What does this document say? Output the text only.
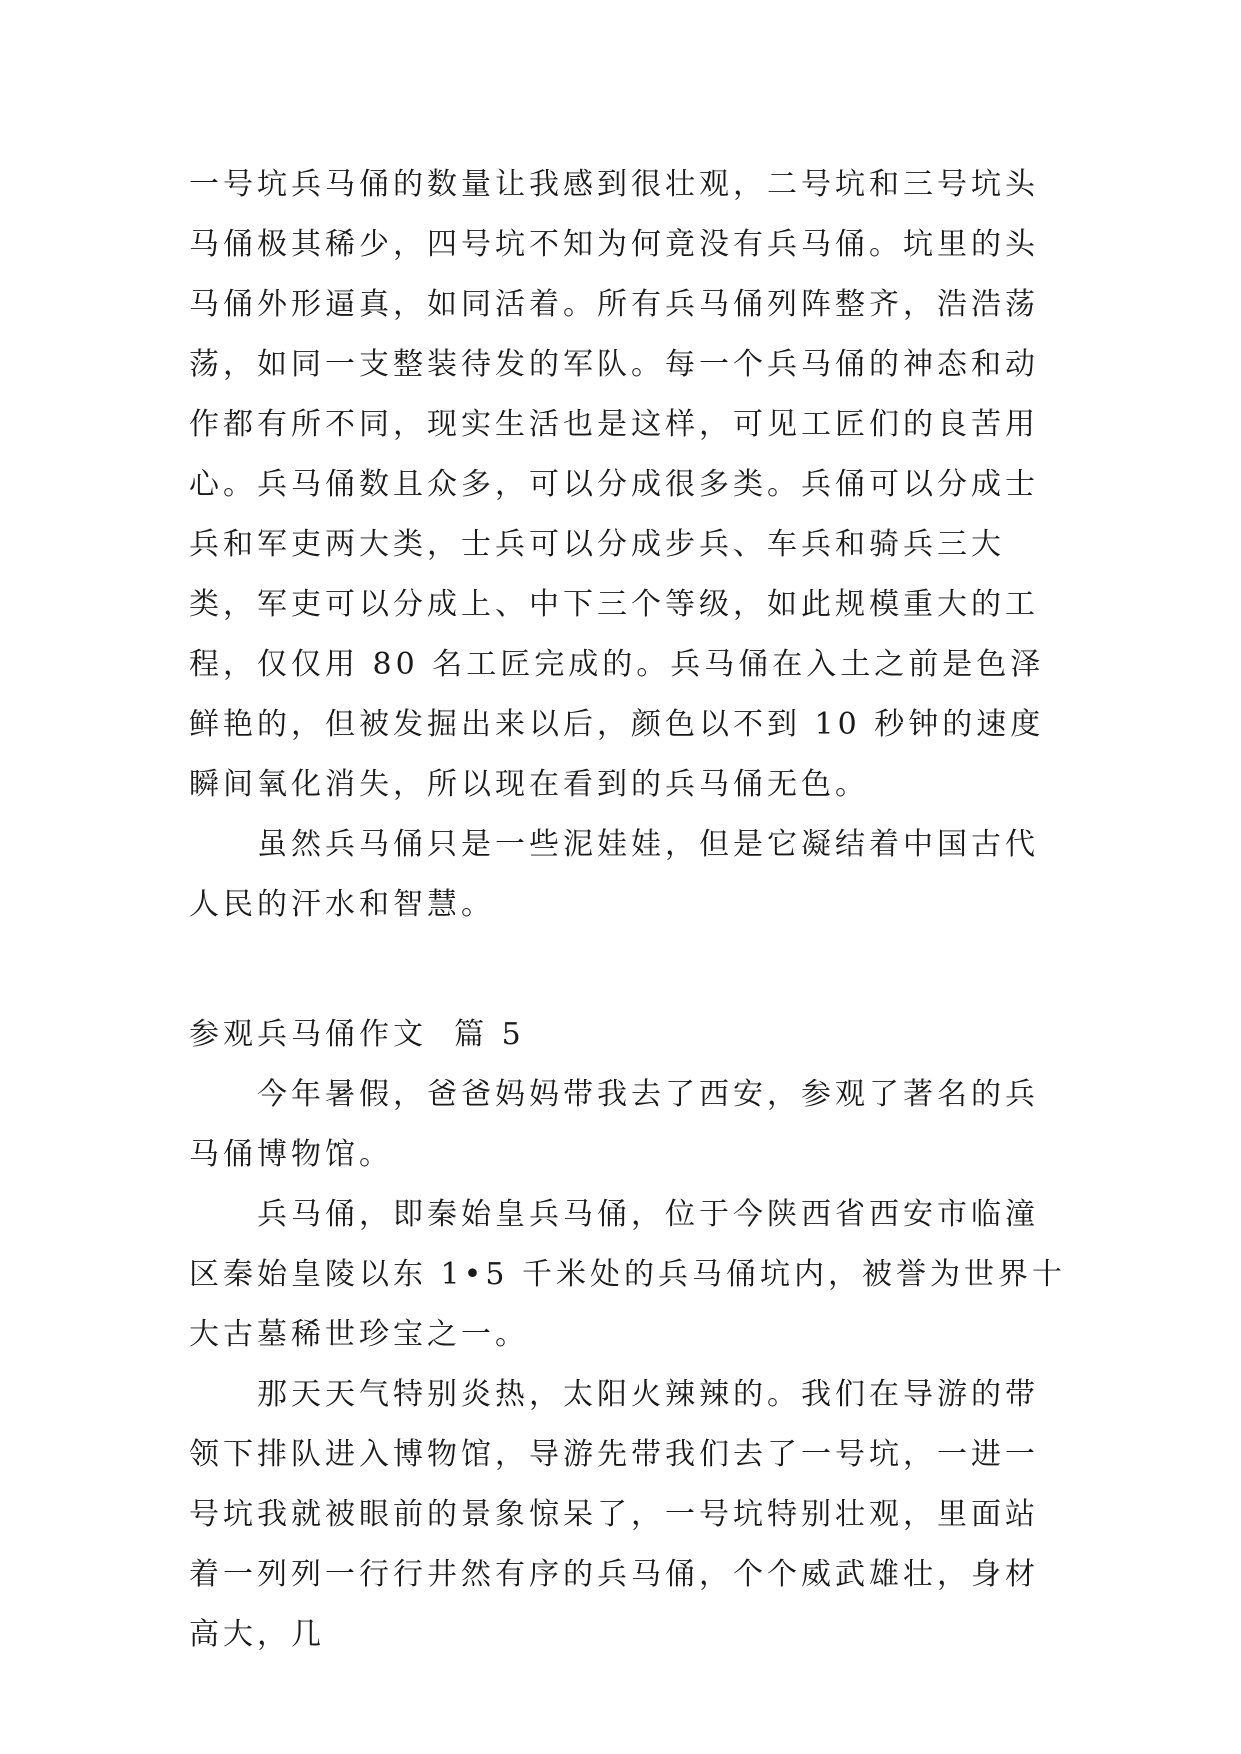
一号坑兵马俑的数量让我感到很壮观，二号坑和三号坑头马俑极其稀少，四号坑不知为何竟没有兵马俑。坑里的头马俑外形逼真，如同活着。所有兵马俑列阵整齐，浩浩荡荡，如同一支整装待发的军队。每一个兵马俑的神态和动作都有所不同，现实生活也是这样，可见工匠们的良苦用心。 兵马俑数且众多，可以分成很多类。兵俑可以分成士兵和军吏两大类，士兵可以分成步兵、车兵和骑兵三大类，军吏可以分成上、中下三个等级，如此规模重大的工程，仅仅用 80 名工匠完成的。兵马俑在入土之前是色泽鲜艳的，但被发掘出来以后，颜色以不到 10 秒钟的速度瞬间氧化消失，所以现在看到的兵马俑无色。

虽然兵马俑只是一些泥娃娃，但是它凝结着中国古代人民的汗水和智慧。

参观兵马俑作文  篇 5

今年暑假，爸爸妈妈带我去了西安，参观了著名的兵马俑博物馆。

兵马俑，即秦始皇兵马俑，位于今陕西省西安市临潼区秦始皇陵以东 1•5 千米处的兵马俑坑内，被誉为世界十大古墓稀世珍宝之一。

那天天气特别炎热，太阳火辣辣的。我们在导游的带领下排队进入博物馆，导游先带我们去了一号坑，一进一号坑我就被眼前的景象惊呆了，一号坑特别壮观，里面站着一列列一行行井然有序的兵马俑，个个威武雄壮，身材高大，几
